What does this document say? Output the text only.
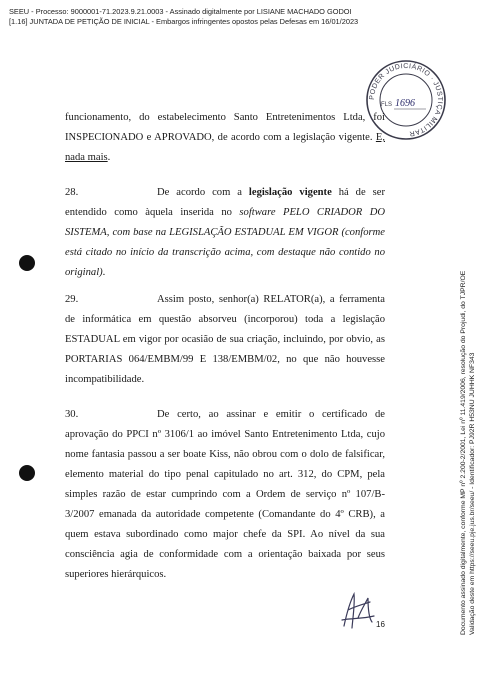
SEEU - Processo: 9000001-71.2023.9.21.0003 - Assinado digitalmente por LISIANE MACHADO GODOI
[1.16] JUNTADA DE PETIÇÃO DE INICIAL - Embargos infringentes opostos pelas Defesas em 16/01/2023
Documento assinado digitalmente, conforme MP nº 2.200-2/2001, Lei nº 11.419/2006, resolução do Projudi, do TJPR/OE Validação deste em https://seeu.pje.jus.br/seeu/ - Identificador: PJ92R H53NU JUHHK NF343
PODER JUDICIÁRIO · JUSTIÇA MILITAR
FLS 1696

funcionamento, do estabelecimento Santo Entretenimentos Ltda, foi INSPECIONADO e APROVADO, de acordo com a legislação vigente. E, nada mais.

28.	De acordo com a legislação vigente há de ser entendido como àquela inserida no software PELO CRIADOR DO SISTEMA, com base na LEGISLAÇÃO ESTADUAL EM VIGOR (conforme está citado no início da transcrição acima, com destaque não contido no original).

29.	Assim posto, senhor(a) RELATOR(a), a ferramenta de informática em questão absorveu (incorporou) toda a legislação ESTADUAL em vigor por ocasião de sua criação, incluindo, por obvio, as PORTARIAS 064/EMBM/99 E 138/EMBM/02, no que não houvesse incompatibilidade.

30.	De certo, ao assinar e emitir o certificado de aprovação do PPCI nº 3106/1 ao imóvel Santo Entretenimento Ltda, cujo nome fantasia passou a ser boate Kiss, não obrou com o dolo de falsificar, elemento material do tipo penal capitulado no art. 312, do CPM, pela simples razão de estar cumprindo com a Ordem de serviço nº 107/B-3/2007 emanada da autoridade competente (Comandante do 4º CRB), a quem estava subordinado como major chefe da SPI. Ao nível da sua consciência agia de conformidade com a orientação baixada por seus superiores hierárquicos.

16
